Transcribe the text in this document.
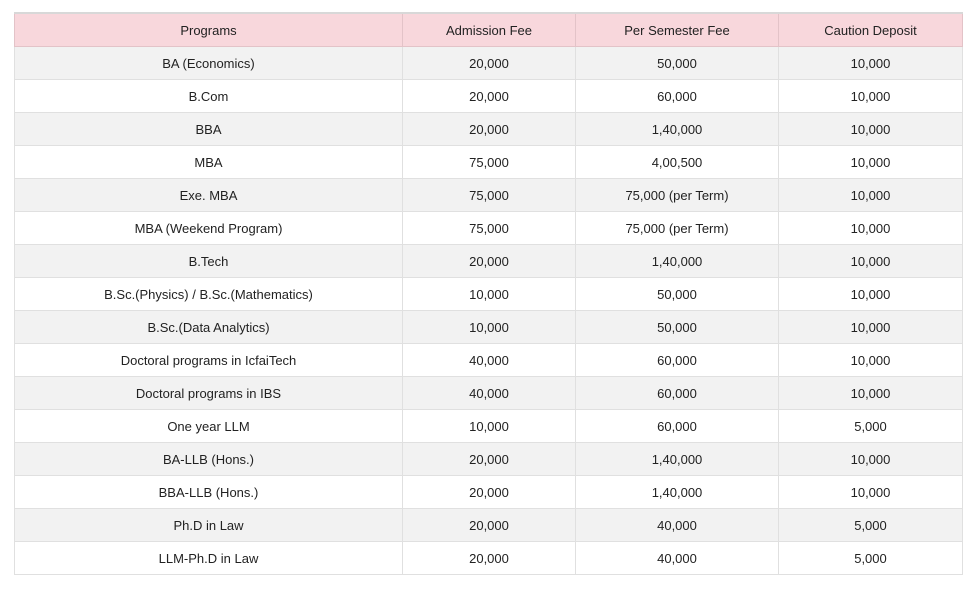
Programs	Admission Fee	Per Semester Fee	Caution Deposit
BA (Economics)	20,000	50,000	10,000
B.Com	20,000	60,000	10,000
BBA	20,000	1,40,000	10,000
MBA	75,000	4,00,500	10,000
Exe. MBA	75,000	75,000 (per Term)	10,000
MBA (Weekend Program)	75,000	75,000 (per Term)	10,000
B.Tech	20,000	1,40,000	10,000
B.Sc.(Physics) / B.Sc.(Mathematics)	10,000	50,000	10,000
B.Sc.(Data Analytics)	10,000	50,000	10,000
Doctoral programs in IcfaiTech	40,000	60,000	10,000
Doctoral programs in IBS	40,000	60,000	10,000
One year LLM	10,000	60,000	5,000
BA-LLB (Hons.)	20,000	1,40,000	10,000
BBA-LLB (Hons.)	20,000	1,40,000	10,000
Ph.D in Law	20,000	40,000	5,000
LLM-Ph.D in Law	20,000	40,000	5,000
